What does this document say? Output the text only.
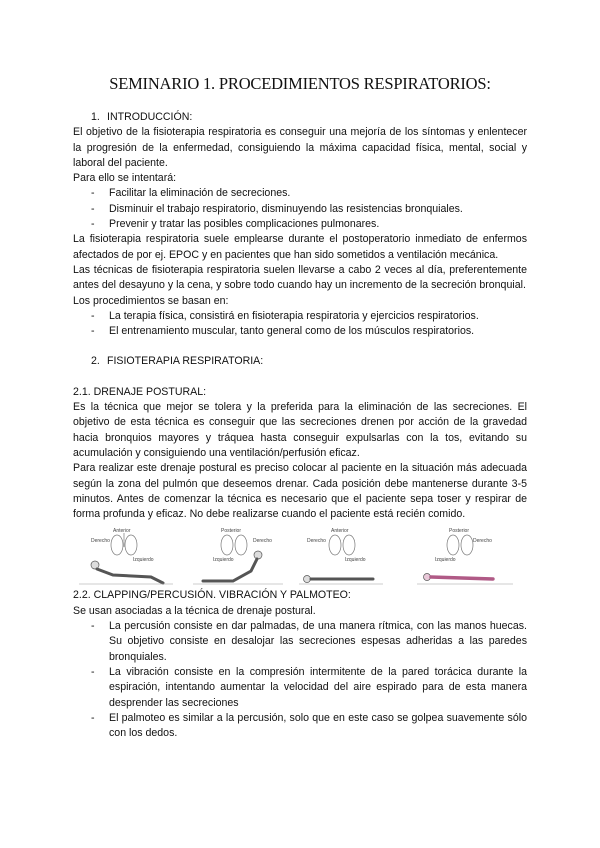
SEMINARIO 1. PROCEDIMIENTOS RESPIRATORIOS:

1. INTRODUCCIÓN:

El objetivo de la fisioterapia respiratoria es conseguir una mejoría de los síntomas y enlentecer la progresión de la enfermedad, consiguiendo la máxima capacidad física, mental, social y laboral del paciente.

Para ello se intentará:

- Facilitar la eliminación de secreciones.
- Disminuir el trabajo respiratorio, disminuyendo las resistencias bronquiales.
- Prevenir y tratar las posibles complicaciones pulmonares.

La fisioterapia respiratoria suele emplearse durante el postoperatorio inmediato de enfermos afectados de por ej. EPOC y en pacientes que han sido sometidos a ventilación mecánica.

Las técnicas de fisioterapia respiratoria suelen llevarse a cabo 2 veces al día, preferentemente antes del desayuno y la cena, y sobre todo cuando hay un incremento de la secreción bronquial.

Los procedimientos se basan en:

- La terapia física, consistirá en fisioterapia respiratoria y ejercicios respiratorios.
- El entrenamiento muscular, tanto general como de los músculos respiratorios.

2. FISIOTERAPIA RESPIRATORIA:

2.1. DRENAJE POSTURAL:

Es la técnica que mejor se tolera y la preferida para la eliminación de las secreciones. El objetivo de esta técnica es conseguir que las secreciones drenen por acción de la gravedad hacia bronquios mayores y tráquea hasta conseguir expulsarlas con la tos, evitando su acumulación y consiguiendo una ventilación/perfusión eficaz.

Para realizar este drenaje postural es preciso colocar al paciente en la situación más adecuada según la zona del pulmón que deseemos drenar. Cada posición debe mantenerse durante 3-5 minutos. Antes de comenzar la técnica es necesario que el paciente sepa toser y respirar de forma profunda y eficaz. No debe realizarse cuando el paciente está recién comido.

Anterior
Derecho
Izquierdo
Posterior
Derecho
Izquierdo
Anterior
Derecho
Izquierdo
Posterior
Derecho
Izquierdo

2.2. CLAPPING/PERCUSIÓN. VIBRACIÓN Y PALMOTEO:

Se usan asociadas a la técnica de drenaje postural.

- La percusión consiste en dar palmadas, de una manera rítmica, con las manos huecas. Su objetivo consiste en desalojar las secreciones espesas adheridas a las paredes bronquiales.
- La vibración consiste en la compresión intermitente de la pared torácica durante la espiración, intentando aumentar la velocidad del aire espirado para de esta manera desprender las secreciones
- El palmoteo es similar a la percusión, solo que en este caso se golpea suavemente sólo con los dedos.
